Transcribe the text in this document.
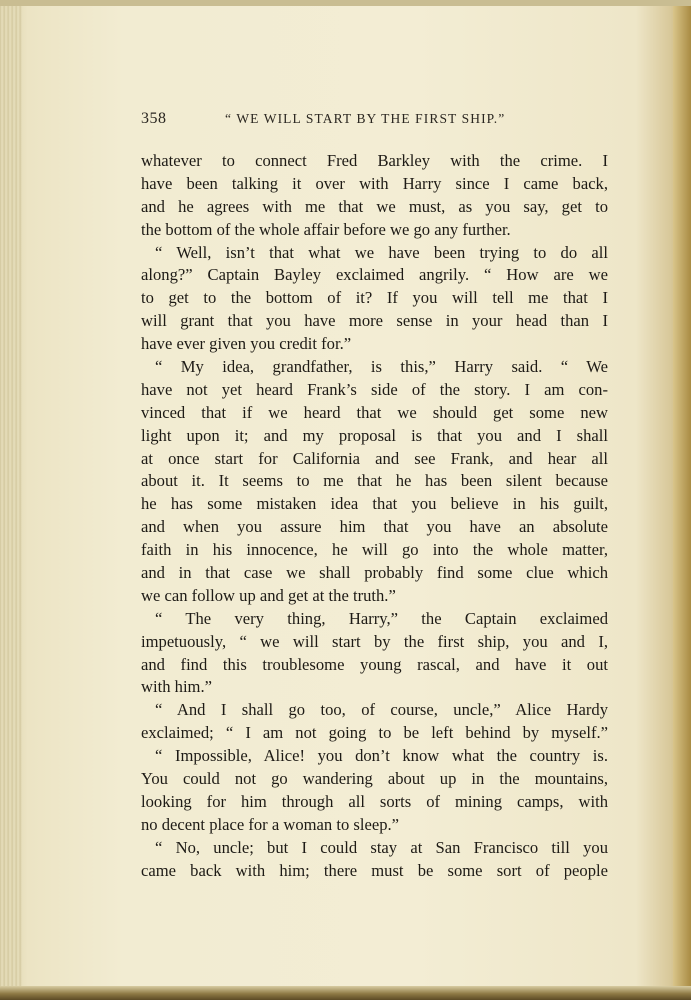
358	“ WE WILL START BY THE FIRST SHIP.”
whatever to connect Fred Barkley with the crime. I
have been talking it over with Harry since I came back,
and he agrees with me that we must, as you say, get to
the bottom of the whole affair before we go any further.
“ Well, isn’t that what we have been trying to do all
along?” Captain Bayley exclaimed angrily. “ How are we
to get to the bottom of it? If you will tell me that I
will grant that you have more sense in your head than I
have ever given you credit for.”
“ My idea, grandfather, is this,” Harry said. “ We
have not yet heard Frank’s side of the story. I am con-
vinced that if we heard that we should get some new
light upon it; and my proposal is that you and I shall
at once start for California and see Frank, and hear all
about it. It seems to me that he has been silent because
he has some mistaken idea that you believe in his guilt,
and when you assure him that you have an absolute
faith in his innocence, he will go into the whole matter,
and in that case we shall probably find some clue which
we can follow up and get at the truth.”
“ The very thing, Harry,” the Captain exclaimed
impetuously, “ we will start by the first ship, you and I,
and find this troublesome young rascal, and have it out
with him.”
“ And I shall go too, of course, uncle,” Alice Hardy
exclaimed; “ I am not going to be left behind by myself.”
“ Impossible, Alice! you don’t know what the country is.
You could not go wandering about up in the mountains,
looking for him through all sorts of mining camps, with
no decent place for a woman to sleep.”
“ No, uncle; but I could stay at San Francisco till you
came back with him; there must be some sort of people
